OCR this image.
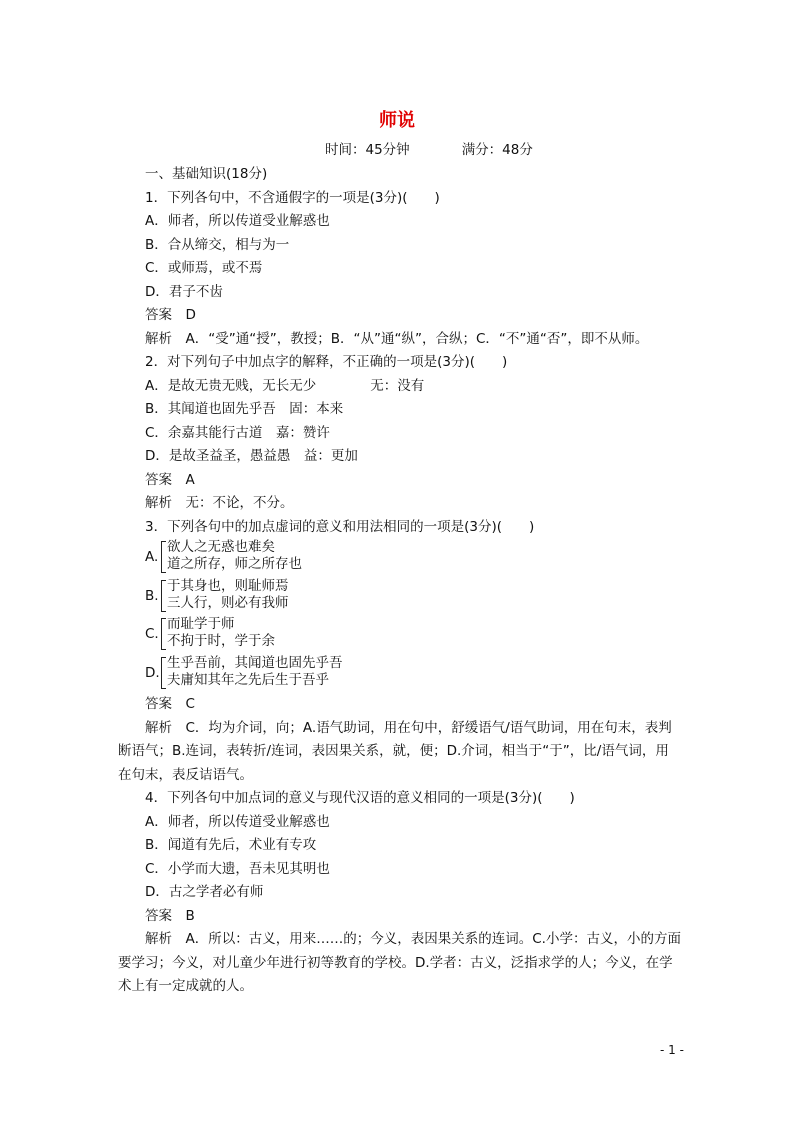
师说
时间：45分钟	满分：48分
一、基础知识(18分)
1．下列各句中，不含通假字的一项是(3分)(　　)
A．师者，所以传道受业解惑也
B．合从缔交，相与为一
C．或师焉，或不焉
D．君子不齿
答案　D
解析　A．“受”通“授”，教授；B．“从”通“纵”，合纵；C．“不”通“否”，即不从师。
2．对下列句子中加点字的解释，不正确的一项是(3分)(　　)
A．是故无贵无贱，无长无少　　　　无：没有
B．其闻道也固先乎吾　固：本来
C．余嘉其能行古道　嘉：赞许
D．是故圣益圣，愚益愚　益：更加
答案　A
解析　无：不论，不分。
3．下列各句中的加点虚词的意义和用法相同的一项是(3分)(　　)
A.
欲人之无惑也难矣
道之所存，师之所存也
B.
于其身也，则耻师焉
三人行，则必有我师
C.
而耻学于师
不拘于时，学于余
D.
生乎吾前，其闻道也固先乎吾
夫庸知其年之先后生于吾乎
答案　C
解析　C．均为介词，向；A.语气助词，用在句中，舒缓语气/语气助词，用在句末，表判断语气；B.连词，表转折/连词，表因果关系，就，便；D.介词，相当于“于”，比/语气词，用在句末，表反诘语气。
4．下列各句中加点词的意义与现代汉语的意义相同的一项是(3分)(　　)
A．师者，所以传道受业解惑也
B．闻道有先后，术业有专攻
C．小学而大遗，吾未见其明也
D．古之学者必有师
答案　B
解析　A．所以：古义，用来……的；今义，表因果关系的连词。C.小学：古义，小的方面要学习；今义，对儿童少年进行初等教育的学校。D.学者：古义，泛指求学的人；今义，在学术上有一定成就的人。
- 1 -
